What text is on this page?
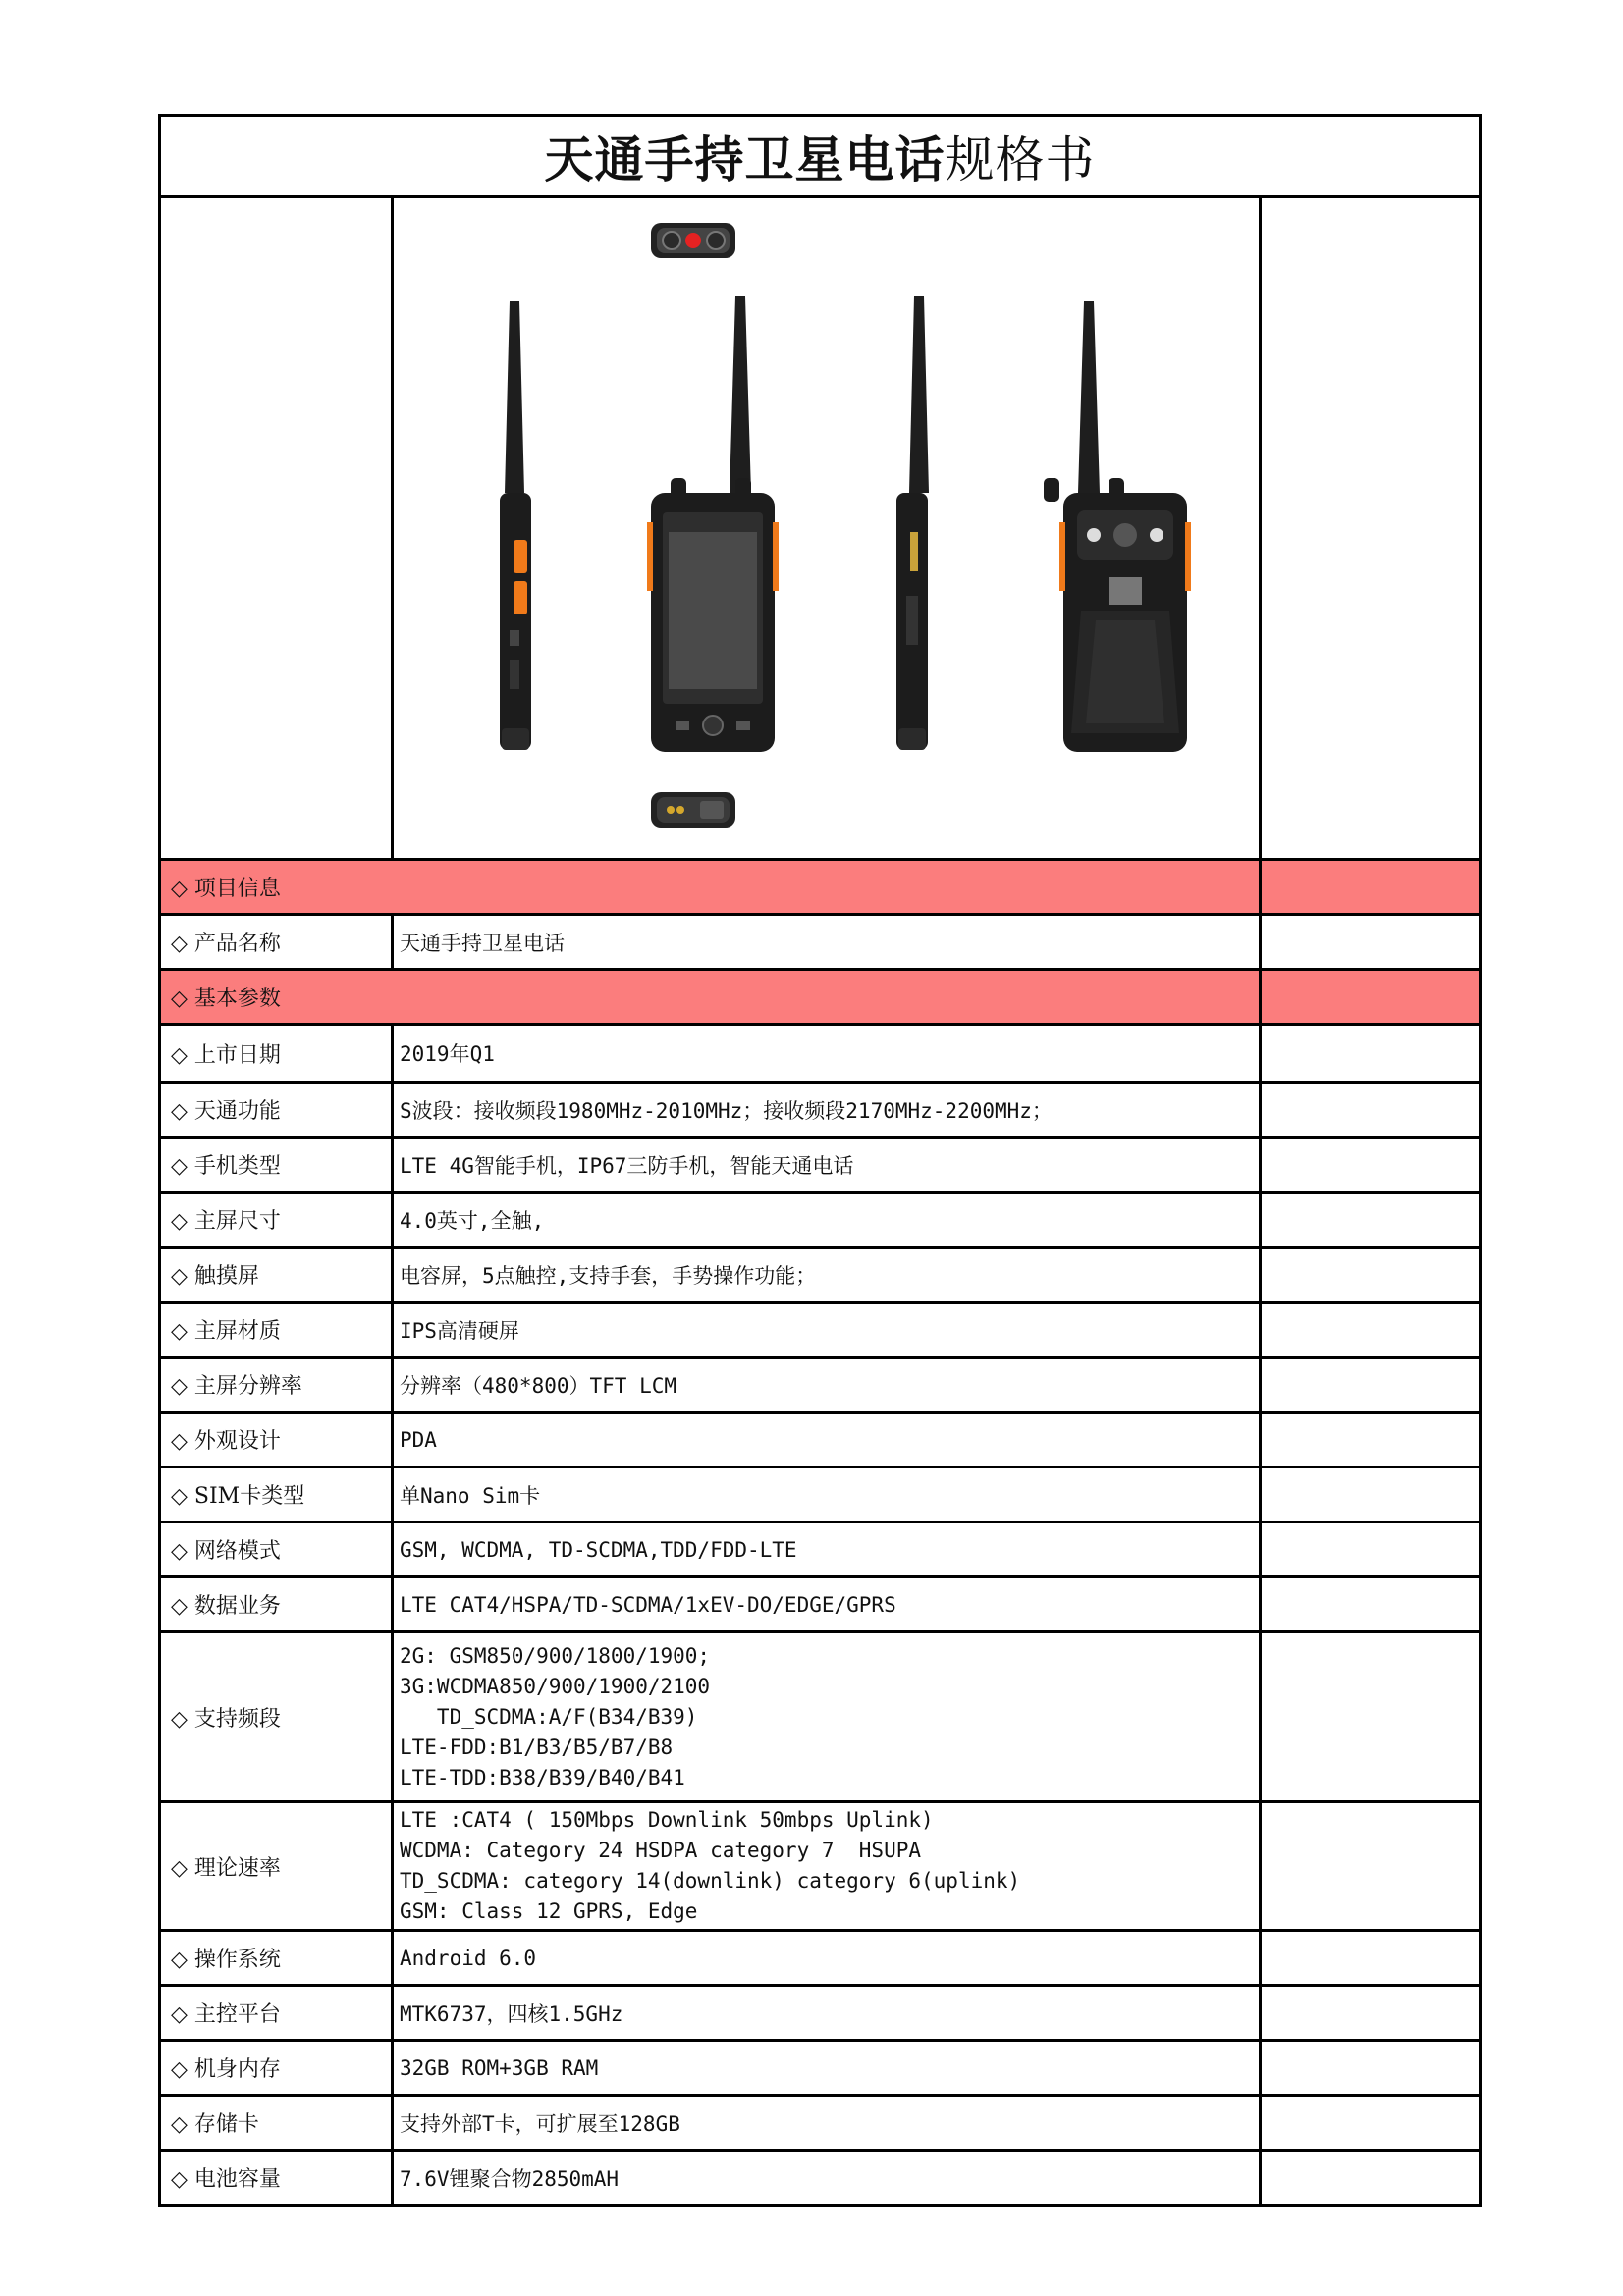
天通手持卫星电话规格书

◇ 项目信息		
◇ 产品名称	天通手持卫星电话	

◇ 基本参数		
◇ 上市日期	2019年Q1	

◇ 天通功能	S波段：接收频段1980MHz-2010MHz；接收频段2170MHz-2200MHz；	

◇ 手机类型	LTE 4G智能手机，IP67三防手机，智能天通电话	

◇ 主屏尺寸	4.0英寸,全触,	

◇ 触摸屏	电容屏，5点触控,支持手套，手势操作功能；	

◇ 主屏材质	IPS高清硬屏	

◇ 主屏分辨率	分辨率（480*800）TFT LCM	

◇ 外观设计	PDA	

◇ SIM卡类型	单Nano Sim卡	

◇ 网络模式	GSM, WCDMA, TD-SCDMA,TDD/FDD-LTE	

◇ 数据业务	LTE CAT4/HSPA/TD-SCDMA/1xEV-DO/EDGE/GPRS	

◇ 支持频段	2G: GSM850/900/1800/1900;
3G:WCDMA850/900/1900/2100
TD_SCDMA:A/F(B34/B39)
LTE-FDD:B1/B3/B5/B7/B8
LTE-TDD:B38/B39/B40/B41	

◇ 理论速率	LTE :CAT4 ( 150Mbps Downlink 50mbps Uplink)
WCDMA: Category 24 HSDPA category 7  HSUPA
TD_SCDMA: category 14(downlink) category 6(uplink)
GSM: Class 12 GPRS, Edge	

◇ 操作系统	Android 6.0	

◇ 主控平台	MTK6737，四核1.5GHz	

◇ 机身内存	32GB ROM+3GB RAM	

◇ 存储卡	支持外部T卡，可扩展至128GB	

◇ 电池容量	7.6V锂聚合物2850mAH	
